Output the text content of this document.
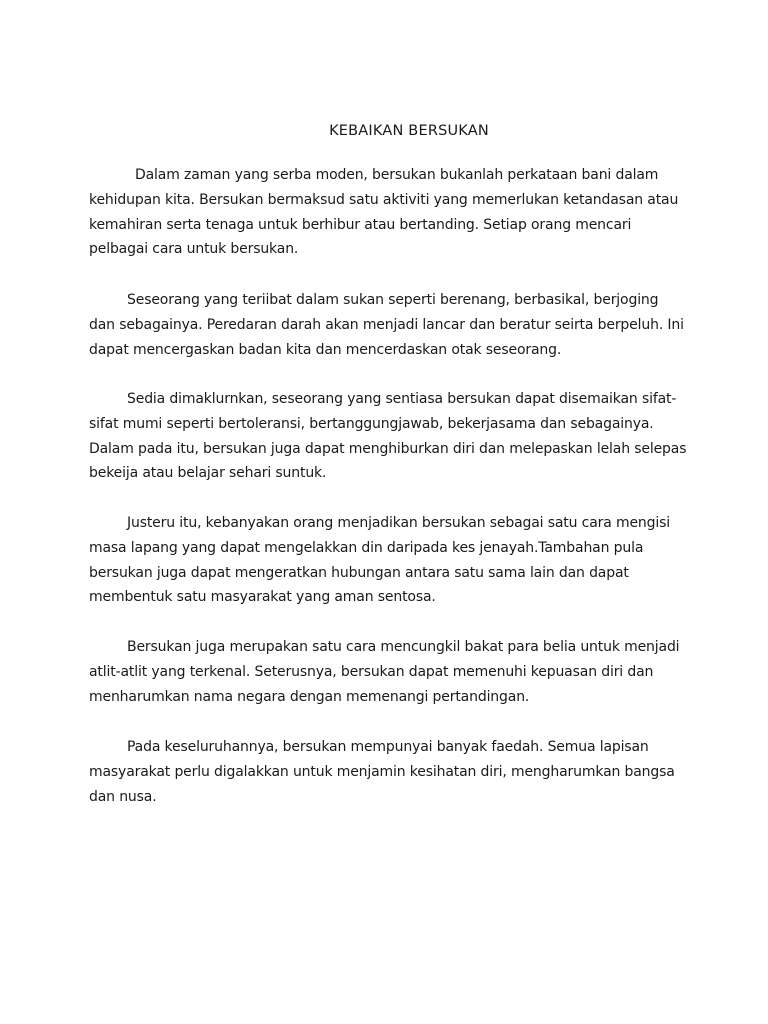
KEBAIKAN BERSUKAN

Dalam zaman yang serba moden, bersukan bukanlah perkataan bani dalam kehidupan kita. Bersukan bermaksud satu aktiviti yang memerlukan ketandasan atau kemahiran serta tenaga untuk berhibur atau bertanding. Setiap orang mencari pelbagai cara untuk bersukan.

Seseorang yang teriibat dalam sukan seperti berenang, berbasikal, berjoging dan sebagainya. Peredaran darah akan menjadi lancar dan beratur seirta berpeluh. Ini dapat mencergaskan badan kita dan mencerdaskan otak seseorang.

Sedia dimaklurnkan, seseorang yang sentiasa bersukan dapat disemaikan sifat-sifat mumi seperti bertoleransi, bertanggungjawab, bekerjasama dan sebagainya. Dalam pada itu, bersukan juga dapat menghiburkan diri dan melepaskan lelah selepas bekeija atau belajar sehari suntuk.

Justeru itu, kebanyakan orang menjadikan bersukan sebagai satu cara mengisi masa lapang yang dapat mengelakkan din daripada kes jenayah.Tambahan pula bersukan juga dapat mengeratkan hubungan antara satu sama lain dan dapat membentuk satu masyarakat yang aman sentosa.

Bersukan juga merupakan satu cara mencungkil bakat para belia untuk menjadi atlit-atlit yang terkenal. Seterusnya, bersukan dapat memenuhi kepuasan diri dan menharumkan nama negara dengan memenangi pertandingan.

Pada keseluruhannya, bersukan mempunyai banyak faedah. Semua lapisan masyarakat perlu digalakkan untuk menjamin kesihatan diri, mengharumkan bangsa dan nusa.
